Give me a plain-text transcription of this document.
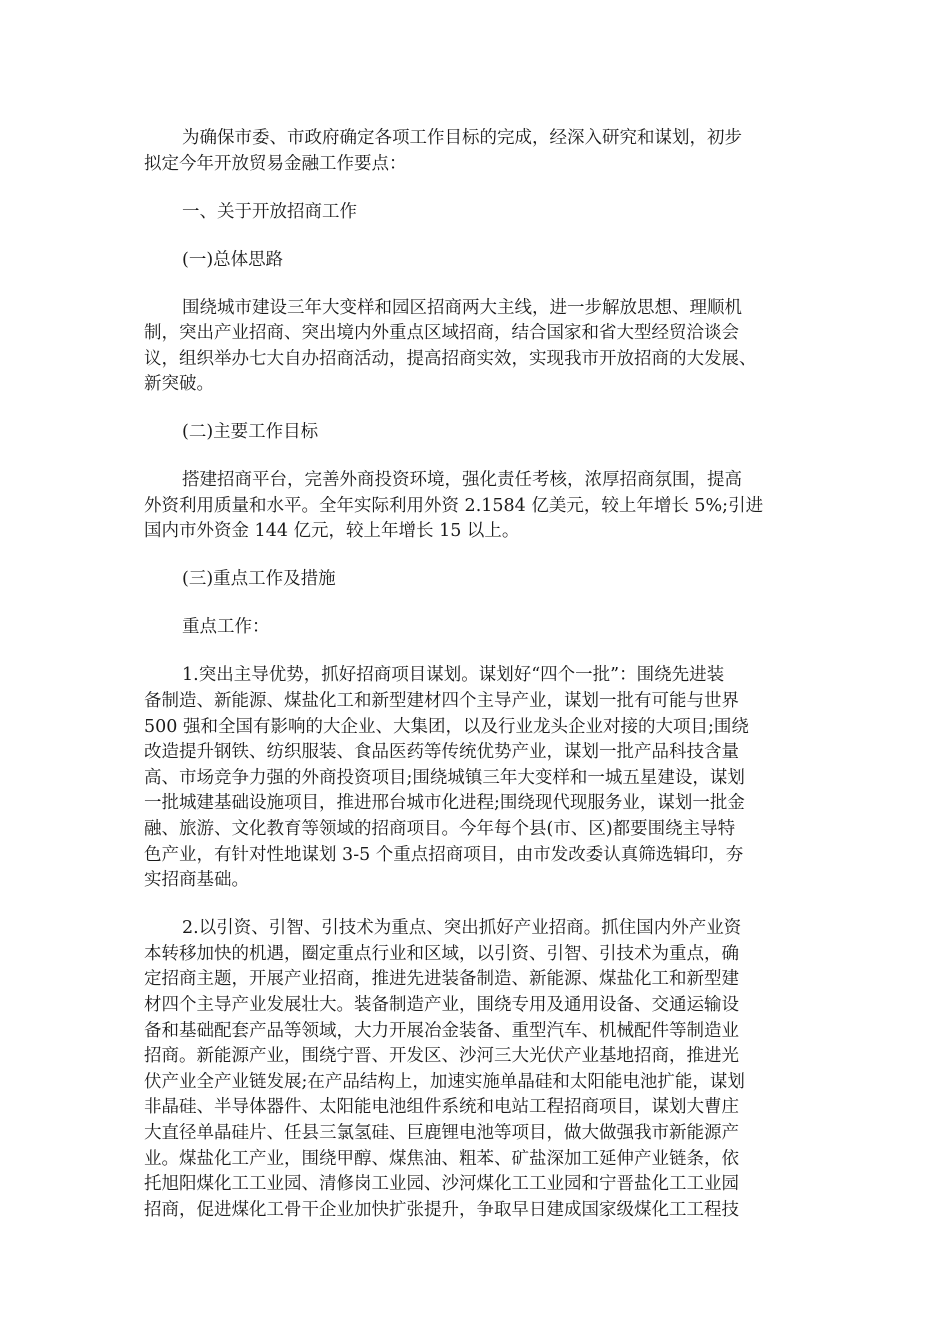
为确保市委、市政府确定各项工作目标的完成，经深入研究和谋划，初步
拟定今年开放贸易金融工作要点：
一、关于开放招商工作
(一)总体思路
围绕城市建设三年大变样和园区招商两大主线，进一步解放思想、理顺机
制，突出产业招商、突出境内外重点区域招商，结合国家和省大型经贸洽谈会
议，组织举办七大自办招商活动，提高招商实效，实现我市开放招商的大发展、
新突破。
(二)主要工作目标
搭建招商平台，完善外商投资环境，强化责任考核，浓厚招商氛围，提高
外资利用质量和水平。全年实际利用外资 2.1584 亿美元，较上年增长 5%;引进
国内市外资金 144 亿元，较上年增长 15 以上。
(三)重点工作及措施
重点工作：
1.突出主导优势，抓好招商项目谋划。谋划好“四个一批”：围绕先进装
备制造、新能源、煤盐化工和新型建材四个主导产业，谋划一批有可能与世界
500 强和全国有影响的大企业、大集团，以及行业龙头企业对接的大项目;围绕
改造提升钢铁、纺织服装、食品医药等传统优势产业，谋划一批产品科技含量
高、市场竞争力强的外商投资项目;围绕城镇三年大变样和一城五星建设，谋划
一批城建基础设施项目，推进邢台城市化进程;围绕现代现服务业，谋划一批金
融、旅游、文化教育等领域的招商项目。今年每个县(市、区)都要围绕主导特
色产业，有针对性地谋划 3-5 个重点招商项目，由市发改委认真筛选辑印，夯
实招商基础。
2.以引资、引智、引技术为重点、突出抓好产业招商。抓住国内外产业资
本转移加快的机遇，圈定重点行业和区域，以引资、引智、引技术为重点，确
定招商主题，开展产业招商，推进先进装备制造、新能源、煤盐化工和新型建
材四个主导产业发展壮大。装备制造产业，围绕专用及通用设备、交通运输设
备和基础配套产品等领域，大力开展冶金装备、重型汽车、机械配件等制造业
招商。新能源产业，围绕宁晋、开发区、沙河三大光伏产业基地招商，推进光
伏产业全产业链发展;在产品结构上，加速实施单晶硅和太阳能电池扩能，谋划
非晶硅、半导体器件、太阳能电池组件系统和电站工程招商项目，谋划大曹庄
大直径单晶硅片、任县三氯氢硅、巨鹿锂电池等项目，做大做强我市新能源产
业。煤盐化工产业，围绕甲醇、煤焦油、粗苯、矿盐深加工延伸产业链条，依
托旭阳煤化工工业园、清修岗工业园、沙河煤化工工业园和宁晋盐化工工业园
招商，促进煤化工骨干企业加快扩张提升，争取早日建成国家级煤化工工程技
